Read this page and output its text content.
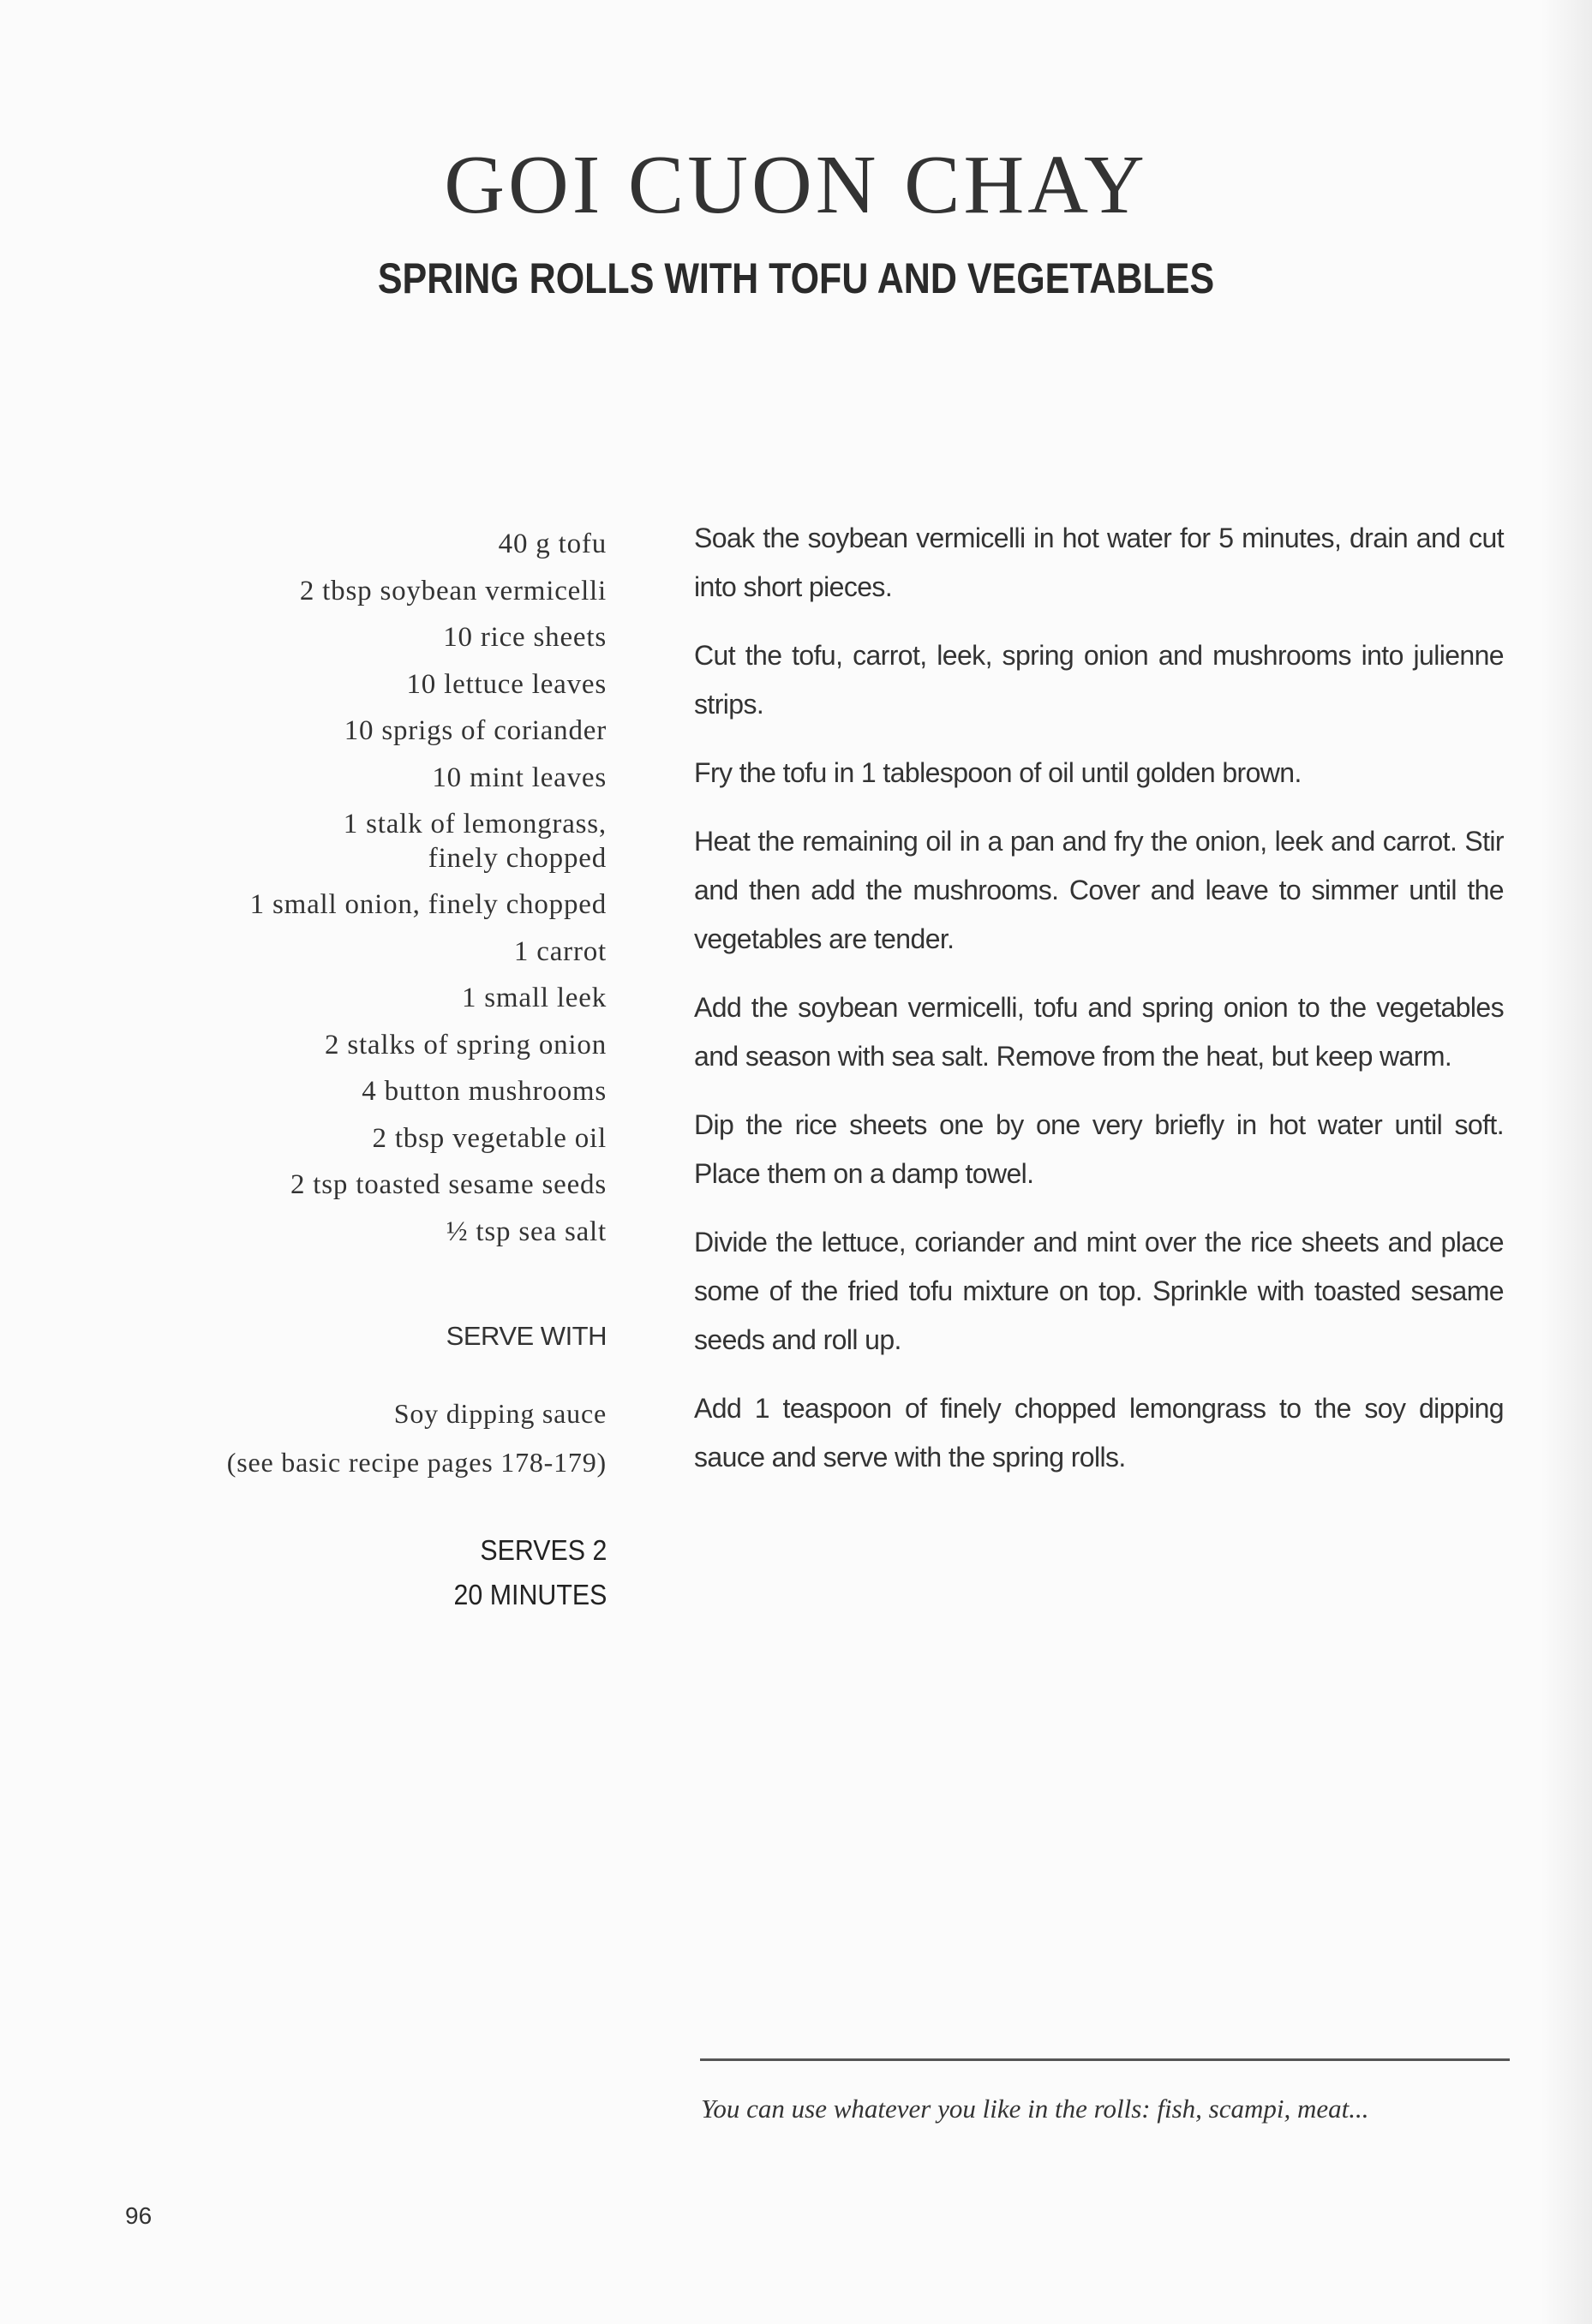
GOI CUON CHAY
SPRING ROLLS WITH TOFU AND VEGETABLES
40 g tofu
2 tbsp soybean vermicelli
10 rice sheets
10 lettuce leaves
10 sprigs of coriander
10 mint leaves
1 stalk of lemongrass,
finely chopped
1 small onion, finely chopped
1 carrot
1 small leek
2 stalks of spring onion
4 button mushrooms
2 tbsp vegetable oil
2 tsp toasted sesame seeds
½ tsp sea salt
SERVE WITH
Soy dipping sauce
(see basic recipe pages 178-179)
SERVES 2
20 MINUTES

Soak the soybean vermicelli in hot water for 5 minutes, drain and cut into short pieces.

Cut the tofu, carrot, leek, spring onion and mushrooms into julienne strips.

Fry the tofu in 1 tablespoon of oil until golden brown.

Heat the remaining oil in a pan and fry the onion, leek and carrot. Stir and then add the mushrooms. Cover and leave to simmer until the vegetables are tender.

Add the soybean vermicelli, tofu and spring onion to the vegetables and season with sea salt. Remove from the heat, but keep warm.

Dip the rice sheets one by one very briefly in hot water until soft. Place them on a damp towel.

Divide the lettuce, coriander and mint over the rice sheets and place some of the fried tofu mixture on top. Sprinkle with toasted sesame seeds and roll up.

Add 1 teaspoon of finely chopped lemongrass to the soy dipping sauce and serve with the spring rolls.

You can use whatever you like in the rolls: fish, scampi, meat...
96
